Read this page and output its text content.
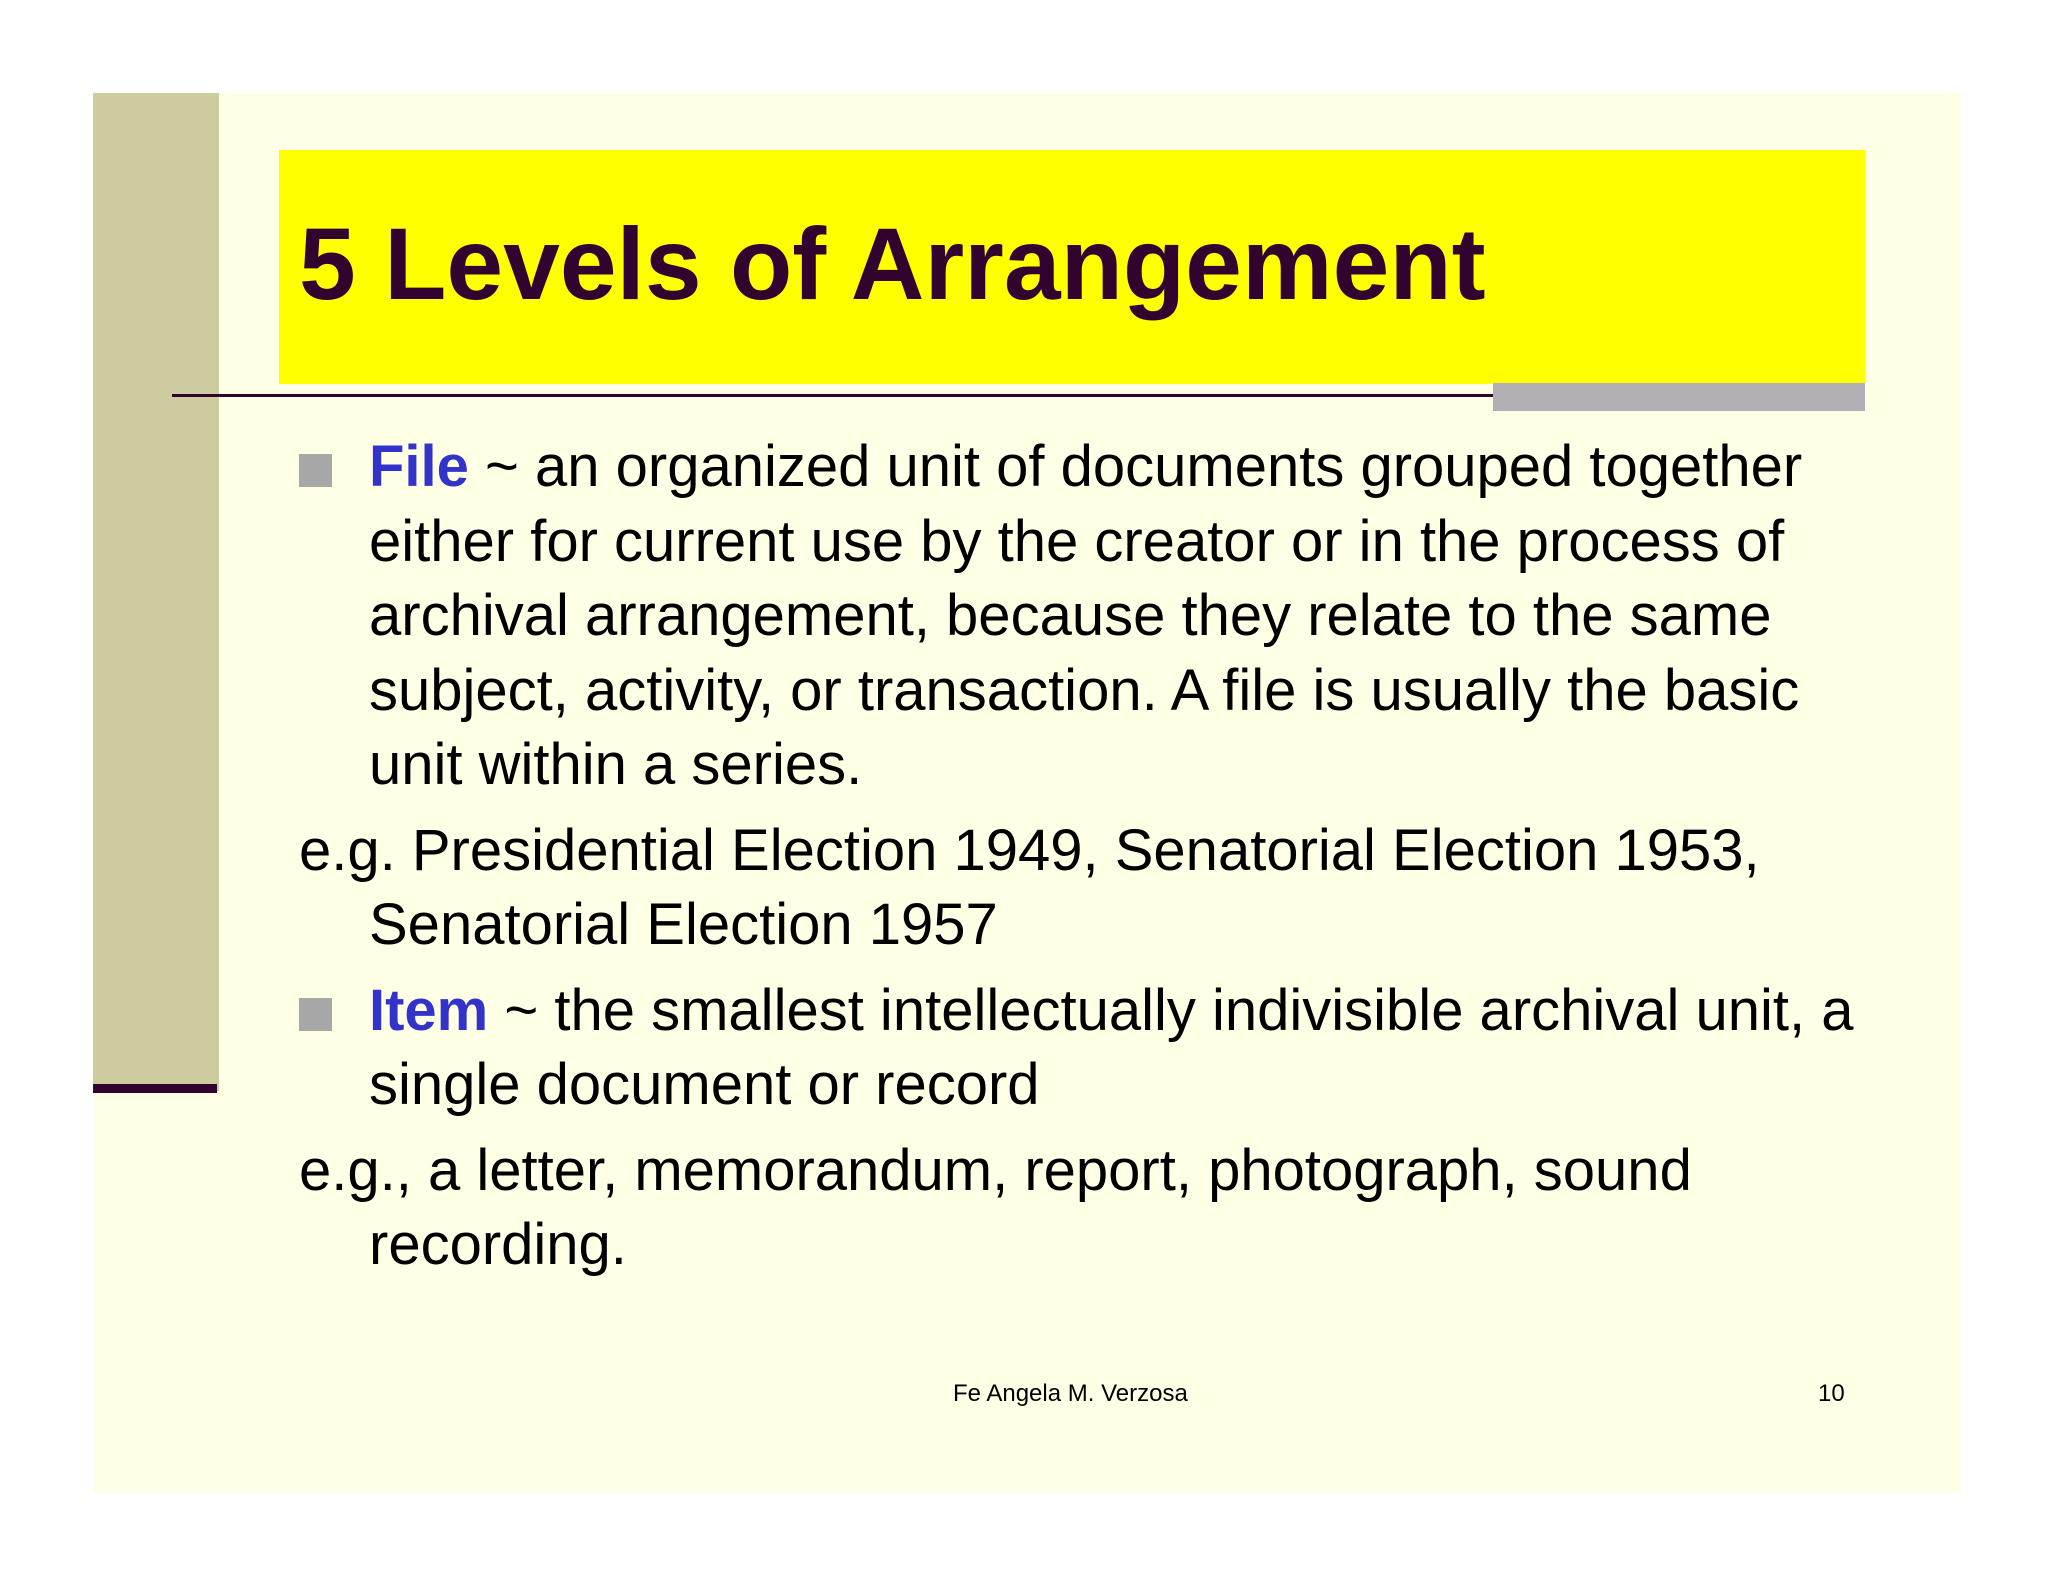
5 Levels of Arrangement
File ~ an organized unit of documents grouped together either for current use by the creator or in the process of archival arrangement, because they relate to the same subject, activity, or transaction. A file is usually the basic unit within a series.
e.g. Presidential Election 1949, Senatorial Election 1953, Senatorial Election 1957
Item ~ the smallest intellectually indivisible archival unit, a single document or record
e.g., a letter, memorandum, report, photograph, sound recording.
Fe Angela M. Verzosa	10
